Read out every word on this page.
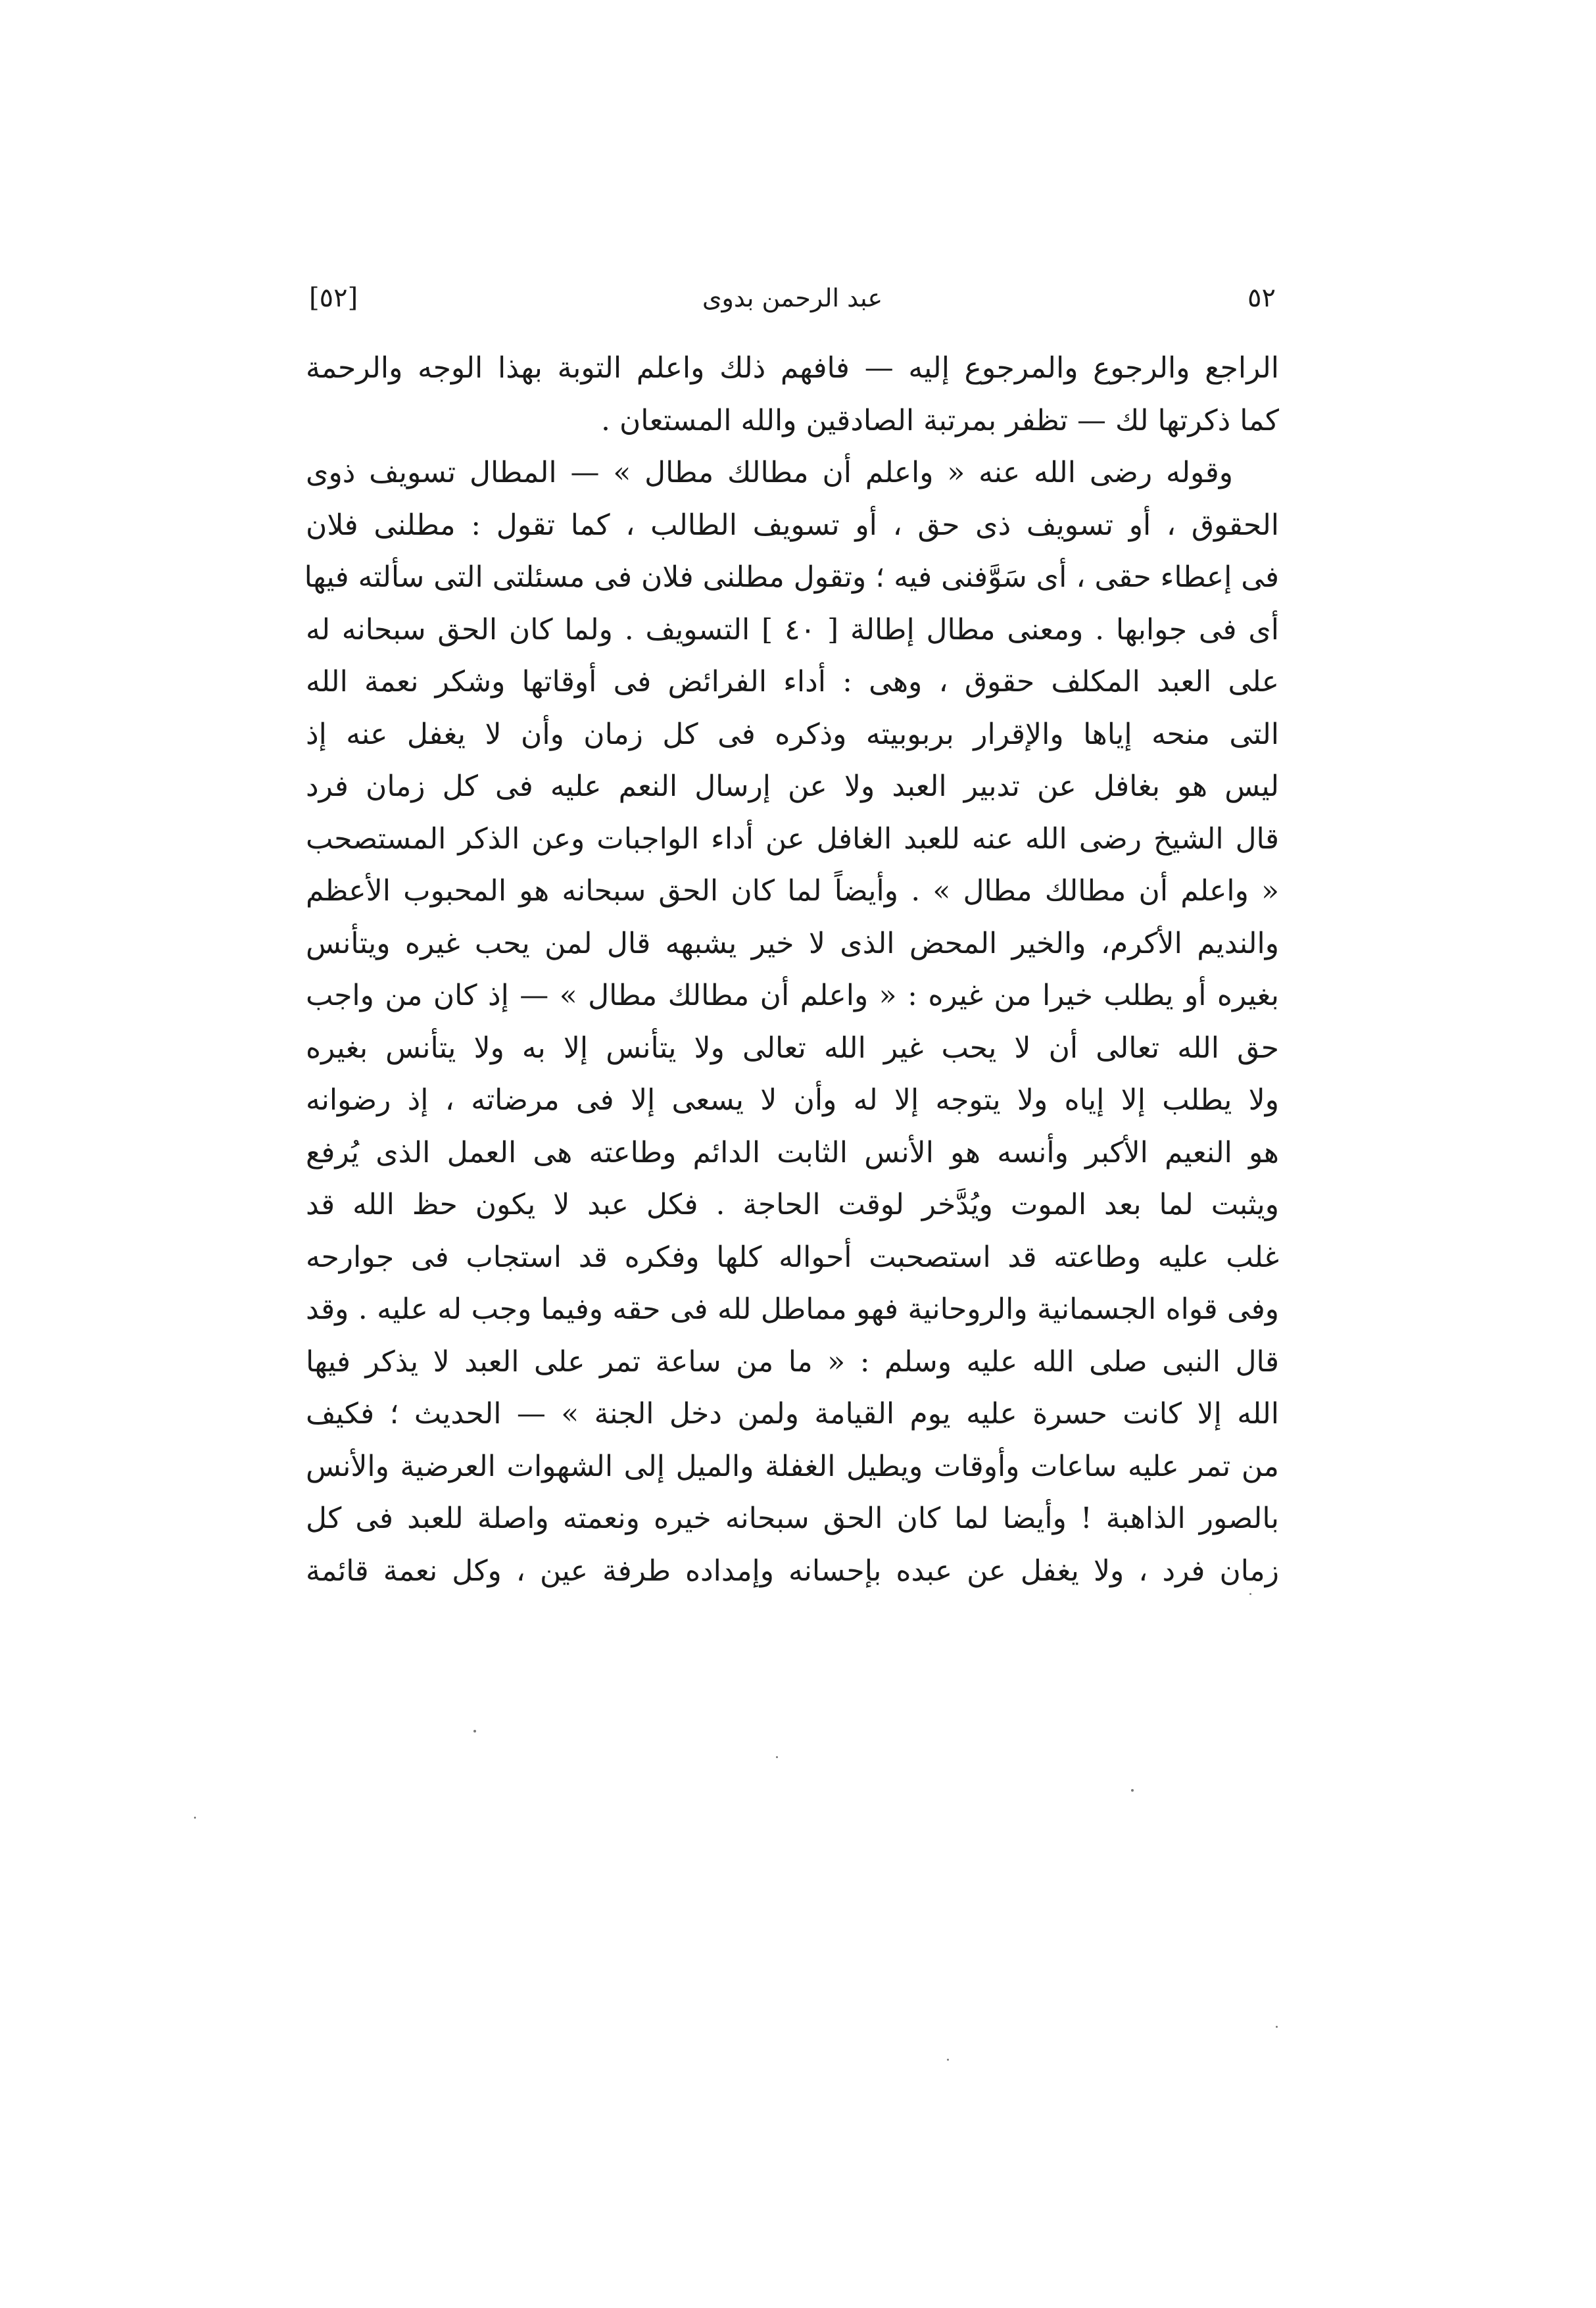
[٥٢]	عبد الرحمن بدوى	٥٢
الراجع والرجوع والمرجوع إليه — فافهم ذلك واعلم التوبة بهذا الوجه والرحمة
كما ذكرتها لك — تظفر بمرتبة الصادقين والله المستعان .
وقوله رضى الله عنه « واعلم أن مطالك مطال » — المطال تسويف ذوى
الحقوق ، أو تسويف ذى حق ، أو تسويف الطالب ، كما تقول : مطلنى فلان
فى إعطاء حقى ، أى سَوَّفنى فيه ؛ وتقول مطلنى فلان فى مسئلتى التى سألته فيها
أى فى جوابها . ومعنى مطال إطالة [ ٤٠ ] التسويف . ولما كان الحق سبحانه له
على العبد المكلف حقوق ، وهى : أداء الفرائض فى أوقاتها وشكر نعمة الله
التى منحه إياها والإقرار بربوبيته وذكره فى كل زمان وأن لا يغفل عنه إذ
ليس هو بغافل عن تدبير العبد ولا عن إرسال النعم عليه فى كل زمان فرد
قال الشيخ رضى الله عنه للعبد الغافل عن أداء الواجبات وعن الذكر المستصحب
« واعلم أن مطالك مطال » . وأيضاً لما كان الحق سبحانه هو المحبوب الأعظم
والنديم الأكرم، والخير المحض الذى لا خير يشبهه قال لمن يحب غيره ويتأنس
بغيره أو يطلب خيرا من غيره : « واعلم أن مطالك مطال » — إذ كان من واجب
حق الله تعالى أن لا يحب غير الله تعالى ولا يتأنس إلا به ولا يتأنس بغيره
ولا يطلب إلا إياه ولا يتوجه إلا له وأن لا يسعى إلا فى مرضاته ، إذ رضوانه
هو النعيم الأكبر وأنسه هو الأنس الثابت الدائم وطاعته هى العمل الذى يُرفع
ويثبت لما بعد الموت ويُدَّخر لوقت الحاجة . فكل عبد لا يكون حظ الله قد
غلب عليه وطاعته قد استصحبت أحواله كلها وفكره قد استجاب فى جوارحه
وفى قواه الجسمانية والروحانية فهو مماطل لله فى حقه وفيما وجب له عليه . وقد
قال النبى صلى الله عليه وسلم : « ما من ساعة تمر على العبد لا يذكر فيها
الله إلا كانت حسرة عليه يوم القيامة ولمن دخل الجنة » — الحديث ؛ فكيف
من تمر عليه ساعات وأوقات ويطيل الغفلة والميل إلى الشهوات العرضية والأنس
بالصور الذاهبة ! وأيضا لما كان الحق سبحانه خيره ونعمته واصلة للعبد فى كل
زمان فرد ، ولا يغفل عن عبده بإحسانه وإمداده طرفة عين ، وكل نعمة قائمة
